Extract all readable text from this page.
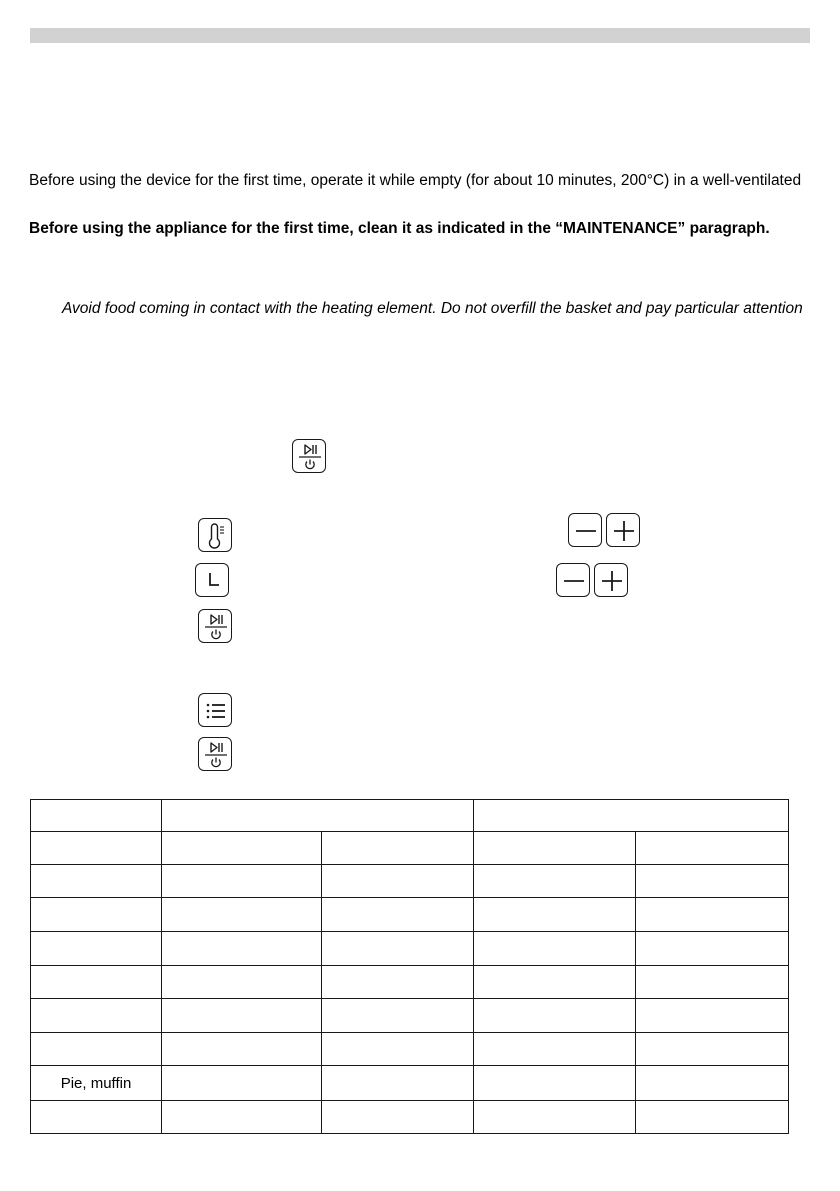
Before using the device for the first time, operate it while empty (for about 10 minutes, 200°C) in a well-ventilated
Before using the appliance for the first time, clean it as indicated in the “MAINTENANCE” paragraph.
Avoid food coming in contact with the heating element. Do not overfill the basket and pay particular attention

Pie, muffin				
